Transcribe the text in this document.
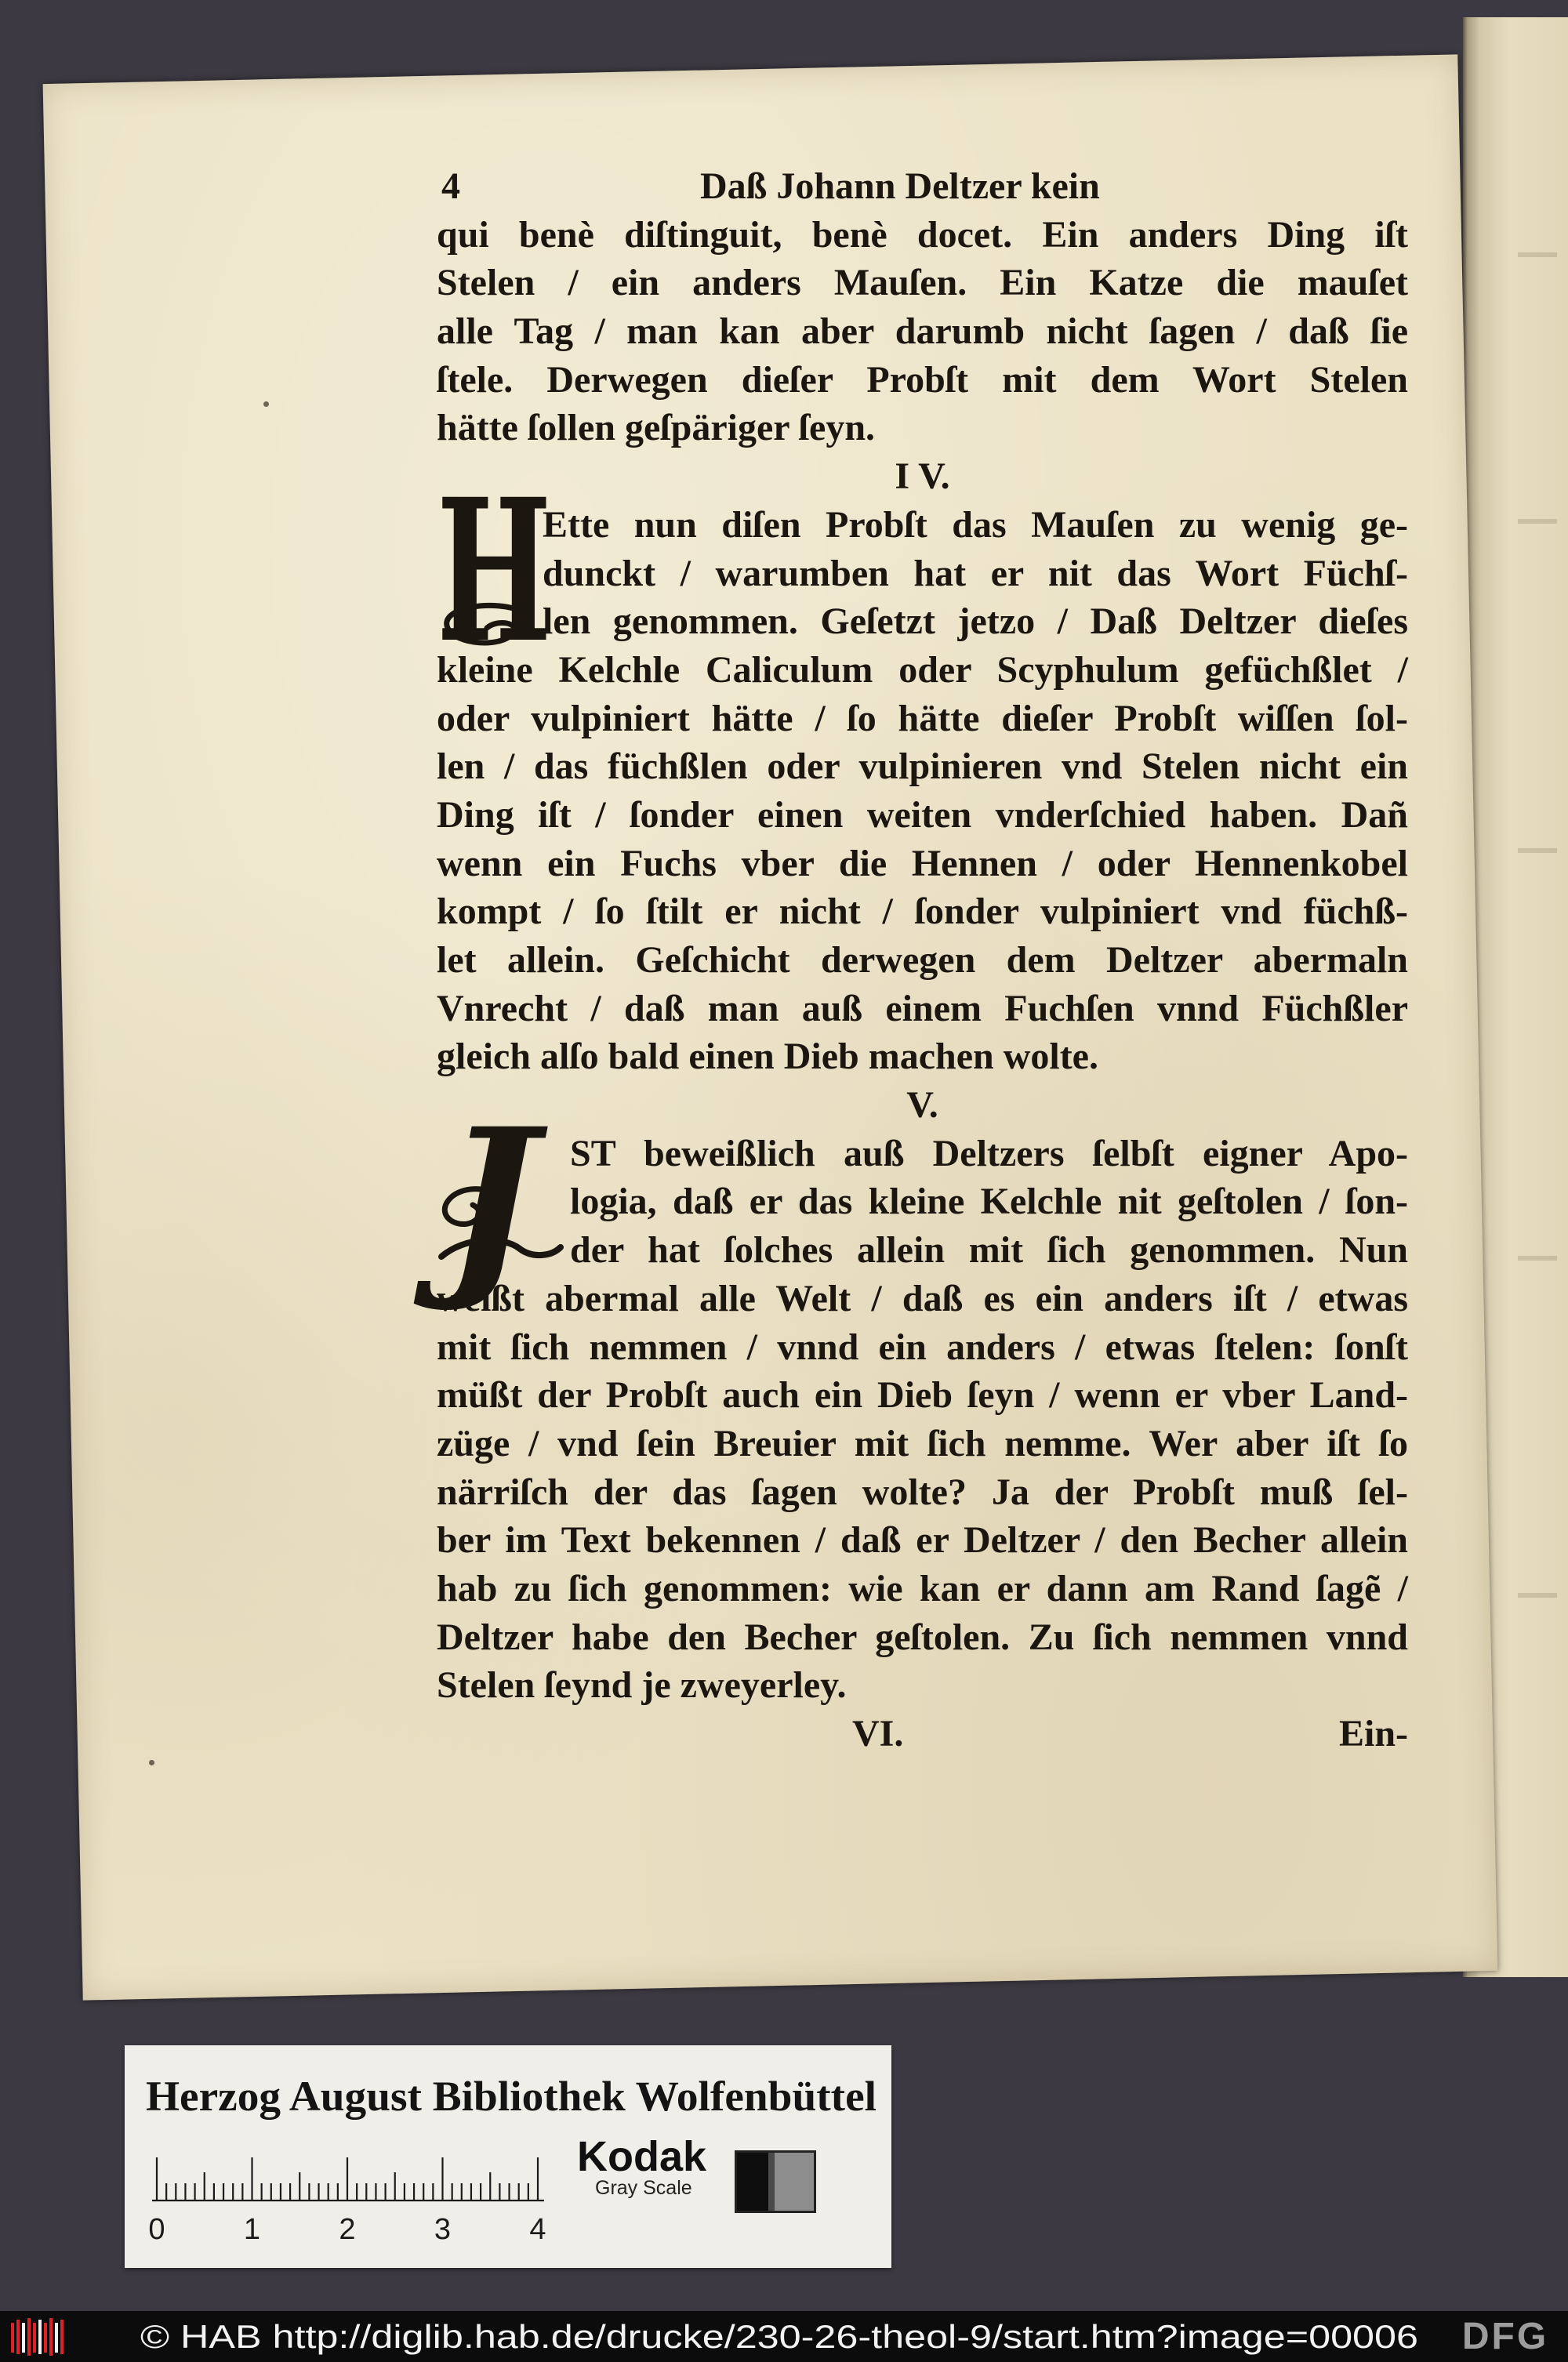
4	Daß Johann Deltzer kein
qui benè diſtinguit, benè docet. Ein anders Ding iſt
Stelen / ein anders Mauſen. Ein Katze die mauſet
alle Tag / man kan aber darumb nicht ſagen / daß ſie
ſtele. Derwegen dieſer Probſt mit dem Wort Stelen
hätte ſollen geſpäriger ſeyn.
I V.
Ette nun diſen Probſt das Mauſen zu wenig ge-
dunckt / warumben hat er nit das Wort Füchſ-
len genommen. Geſetzt jetzo / Daß Deltzer dieſes
kleine Kelchle Caliculum oder Scyphulum gefüchßlet /
oder vulpiniert hätte / ſo hätte dieſer Probſt wiſſen ſol-
len / das füchßlen oder vulpinieren vnd Stelen nicht ein
Ding iſt / ſonder einen weiten vnderſchied haben. Dañ
wenn ein Fuchs vber die Hennen / oder Hennenkobel
kompt / ſo ſtilt er nicht / ſonder vulpiniert vnd füchß-
let allein. Geſchicht derwegen dem Deltzer abermaln
Vnrecht / daß man auß einem Fuchſen vnnd Füchßler
gleich alſo bald einen Dieb machen wolte.
V.
ST beweißlich auß Deltzers ſelbſt eigner Apo-
logia, daß er das kleine Kelchle nit geſtolen / ſon-
der hat ſolches allein mit ſich genommen. Nun
weißt abermal alle Welt / daß es ein anders iſt / etwas
mit ſich nemmen / vnnd ein anders / etwas ſtelen: ſonſt
müßt der Probſt auch ein Dieb ſeyn / wenn er vber Land-
züge / vnd ſein Breuier mit ſich nemme. Wer aber iſt ſo
närriſch der das ſagen wolte? Ja der Probſt muß ſel-
ber im Text bekennen / daß er Deltzer / den Becher allein
hab zu ſich genommen: wie kan er dann am Rand ſagẽ /
Deltzer habe den Becher geſtolen. Zu ſich nemmen vnnd
Stelen ſeynd je zweyerley.
VI.	Ein-
H
J
Herzog August Bibliothek Wolfenbüttel
0	1	2	3	4
Kodak
Gray Scale
© HAB http://diglib.hab.de/drucke/230-26-theol-9/start.htm?image=00006	DFG
